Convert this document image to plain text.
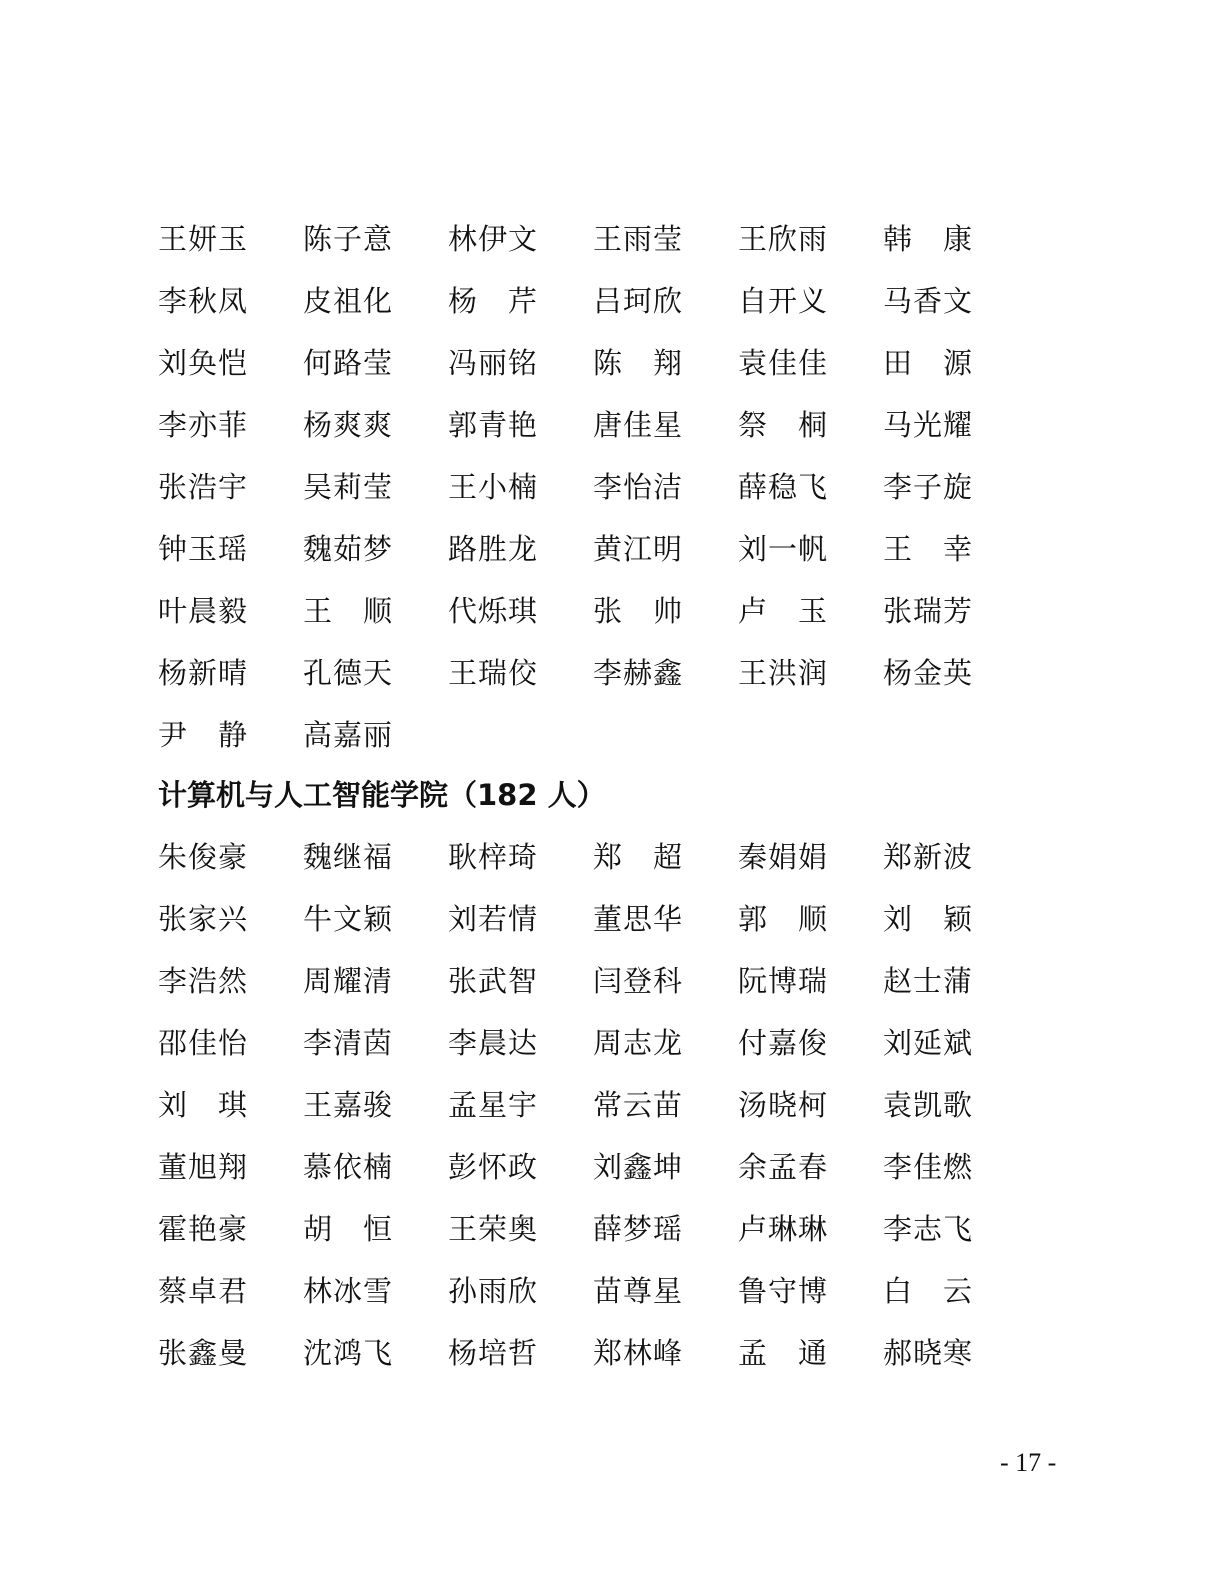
王妍玉	陈子意	林伊文	王雨莹	王欣雨	韩　康
李秋凤	皮祖化	杨　芹	吕珂欣	自开义	马香文
刘奂恺	何路莹	冯丽铭	陈　翔	袁佳佳	田　源
李亦菲	杨爽爽	郭青艳	唐佳星	祭　桐	马光耀
张浩宇	吴莉莹	王小楠	李怡洁	薛稳飞	李子旋
钟玉瑶	魏茹梦	路胜龙	黄江明	刘一帆	王　幸
叶晨毅	王　顺	代烁琪	张　帅	卢　玉	张瑞芳
杨新晴	孔德天	王瑞佼	李赫鑫	王洪润	杨金英
尹　静	高嘉丽
计算机与人工智能学院（182 人）
朱俊豪	魏继福	耿梓琦	郑　超	秦娟娟	郑新波
张家兴	牛文颖	刘若情	董思华	郭　顺	刘　颖
李浩然	周耀清	张武智	闫登科	阮博瑞	赵士蒲
邵佳怡	李清茵	李晨达	周志龙	付嘉俊	刘延斌
刘　琪	王嘉骏	孟星宇	常云苗	汤晓柯	袁凯歌
董旭翔	慕依楠	彭怀政	刘鑫坤	余孟春	李佳燃
霍艳豪	胡　恒	王荣奥	薛梦瑶	卢琳琳	李志飞
蔡卓君	林冰雪	孙雨欣	苗尊星	鲁守博	白　云
张鑫曼	沈鸿飞	杨培哲	郑林峰	孟　通	郝晓寒
- 17 -
